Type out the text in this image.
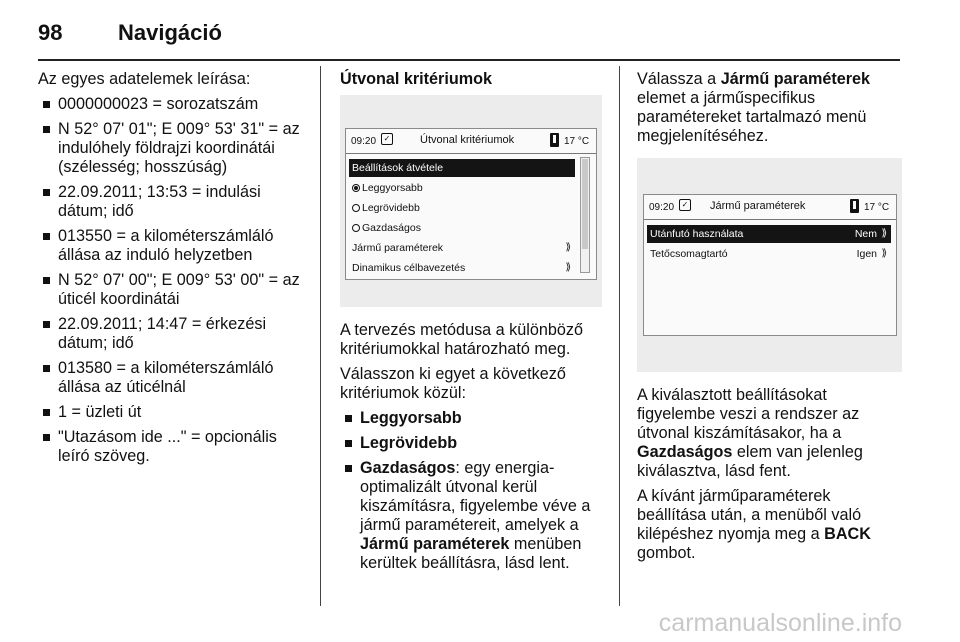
98	Navigáció

Az egyes adatelemek leírása:

0000000023 = sorozatszám
N 52° 07' 01"; E 009° 53' 31" = az indulóhely földrajzi koordinátái (szélesség; hosszúság)
22.09.2011; 13:53 = indulási dátum; idő
013550 = a kilométerszámláló állása az induló helyzetben
N 52° 07' 00"; E 009° 53' 00" = az úticél koordinátái
22.09.2011; 14:47 = érkezési dátum; idő
013580 = a kilométerszámláló állása az úticélnál
1 = üzleti út
"Utazásom ide ..." = opcionális leíró szöveg.

Útvonal kritériumok

09:20 ✓	Útvonal kritériumok	17 °C
Beállítások átvétele
Leggyorsabb
Legrövidebb
Gazdaságos
Jármű paraméterek	⟫
Dinamikus célbavezetés	⟫

A tervezés metódusa a különböző kritériumokkal határozható meg.

Válasszon ki egyet a következő kritériumok közül:

Leggyorsabb
Legrövidebb
Gazdaságos: egy energia-optimalizált útvonal kerül kiszámításra, figyelembe véve a jármű paramétereit, amelyek a Jármű paraméterek menüben kerültek beállításra, lásd lent.

Válassza a Jármű paraméterek elemet a járműspecifikus paramétereket tartalmazó menü megjelenítéséhez.

09:20 ✓ Jármű paraméterek	17 °C
Utánfutó használata	Nem ⟫
Tetőcsomagtartó	Igen ⟫

A kiválasztott beállításokat figyelembe veszi a rendszer az útvonal kiszámításakor, ha a Gazdaságos elem van jelenleg kiválasztva, lásd fent.

A kívánt járműparaméterek beállítása után, a menüből való kilépéshez nyomja meg a BACK gombot.

carmanualsonline.info
